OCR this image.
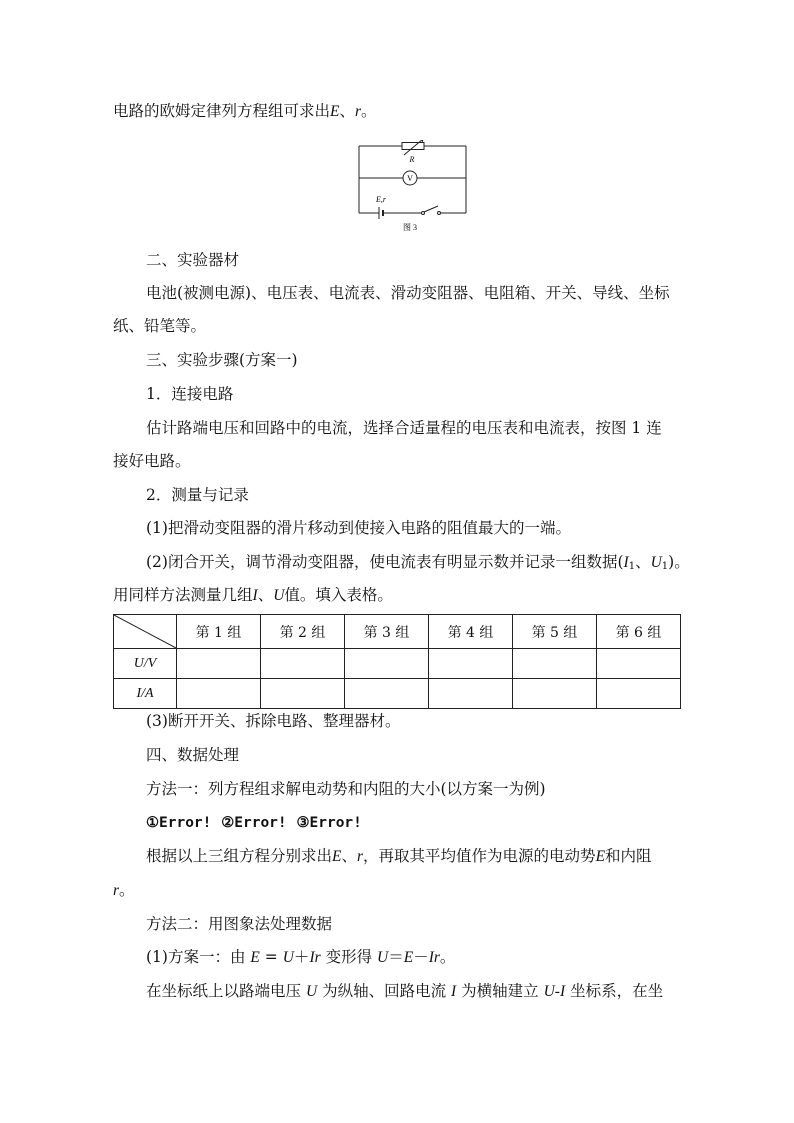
电路的欧姆定律列方程组可求出E、r。
R
V
E,r
图 3
二、实验器材
电池(被测电源)、电压表、电流表、滑动变阻器、电阻箱、开关、导线、坐标
纸、铅笔等。
三、实验步骤(方案一)
1．连接电路
估计路端电压和回路中的电流，选择合适量程的电压表和电流表，按图 1 连
接好电路。
2．测量与记录
(1)把滑动变阻器的滑片移动到使接入电路的阻值最大的一端。
(2)闭合开关，调节滑动变阻器，使电流表有明显示数并记录一组数据($I_1$、$U_1$)。
用同样方法测量几组I、U值。填入表格。
	第 1 组	第 2 组	第 3 组	第 4 组	第 5 组	第 6 组
U/V						
I/A						
(3)断开开关、拆除电路、整理器材。
四、数据处理
方法一：列方程组求解电动势和内阻的大小(以方案一为例)
①Error! ②Error! ③Error!
根据以上三组方程分别求出E、r，再取其平均值作为电源的电动势E和内阻
r。
方法二：用图象法处理数据
(1)方案一：由 E = U＋Ir 变形得 U＝E－Ir。
在坐标纸上以路端电压 U 为纵轴、回路电流 I 为横轴建立 U-I 坐标系，在坐
